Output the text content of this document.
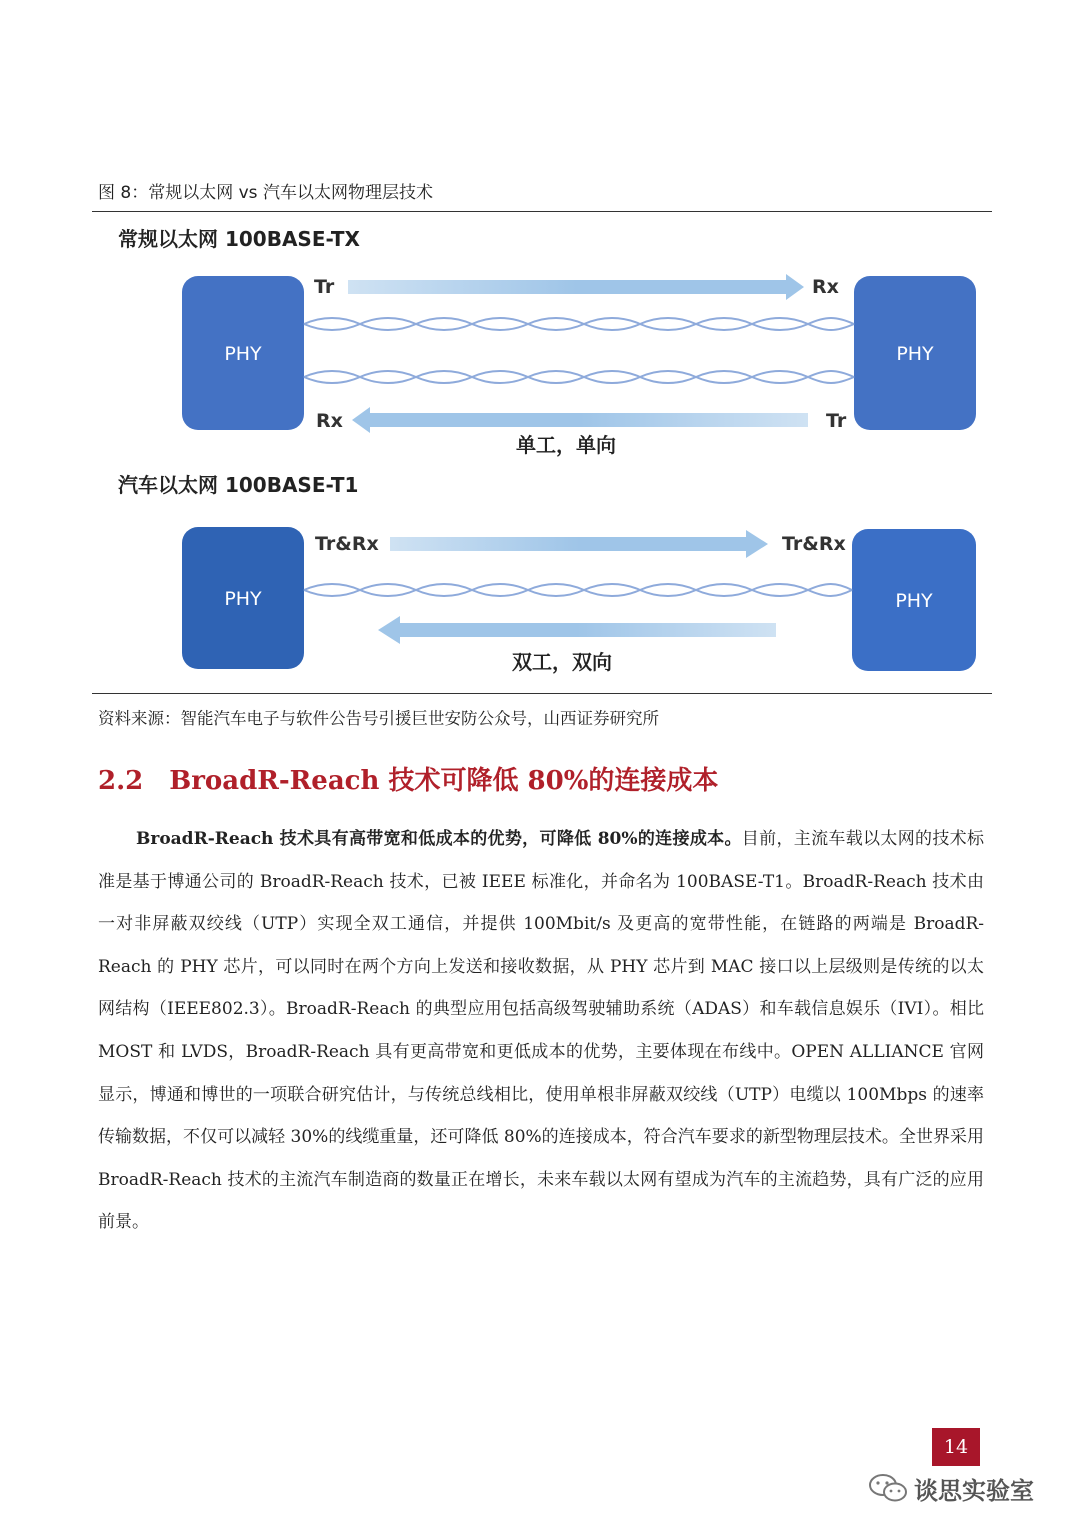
图 8：常规以太网 vs 汽车以太网物理层技术
常规以太网 100BASE-TX
PHY	PHY
Tr	Rx
Rx	Tr
单工，单向
汽车以太网 100BASE-T1
PHY	PHY
Tr&Rx	Tr&Rx
双工，双向
资料来源：智能汽车电子与软件公告号引援巨世安防公众号，山西证券研究所
2.2 BroadR-Reach 技术可降低 80%的连接成本
BroadR-Reach 技术具有高带宽和低成本的优势，可降低 80%的连接成本。目前，主流车载以太网的技术标准是基于博通公司的 BroadR-Reach 技术，已被 IEEE 标准化，并命名为 100BASE-T1。BroadR-Reach 技术由一对非屏蔽双绞线（UTP）实现全双工通信，并提供 100Mbit/s 及更高的宽带性能，在链路的两端是 BroadR-Reach 的 PHY 芯片，可以同时在两个方向上发送和接收数据，从 PHY 芯片到 MAC 接口以上层级则是传统的以太网结构（IEEE802.3）。BroadR-Reach 的典型应用包括高级驾驶辅助系统（ADAS）和车载信息娱乐（IVI）。相比 MOST 和 LVDS，BroadR-Reach 具有更高带宽和更低成本的优势，主要体现在布线中。OPEN ALLIANCE 官网显示，博通和博世的一项联合研究估计，与传统总线相比，使用单根非屏蔽双绞线（UTP）电缆以 100Mbps 的速率传输数据，不仅可以减轻 30%的线缆重量，还可降低 80%的连接成本，符合汽车要求的新型物理层技术。全世界采用 BroadR-Reach 技术的主流汽车制造商的数量正在增长，未来车载以太网有望成为汽车的主流趋势，具有广泛的应用前景。
14
谈思实验室
